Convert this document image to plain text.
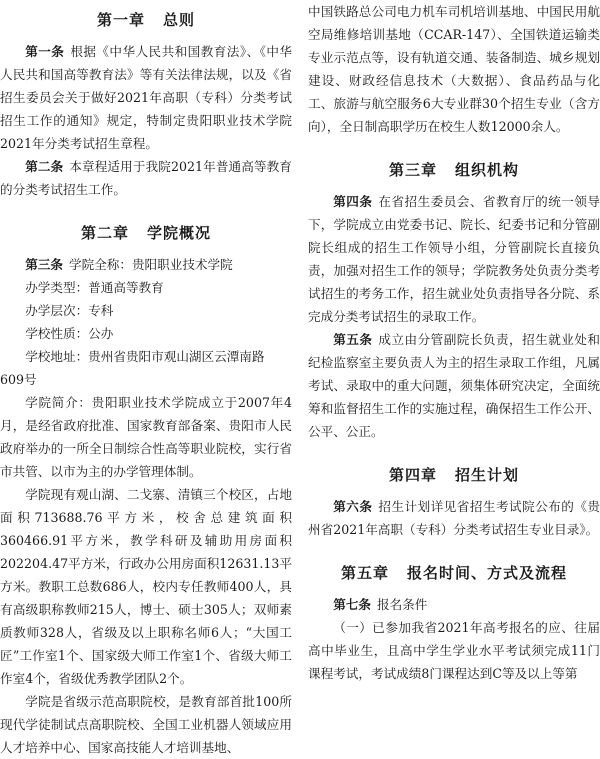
第一章 总则

第一条 根据《中华人民共和国教育法》、《中华人民共和国高等教育法》等有关法律法规，以及《省招生委员会关于做好2021年高职（专科）分类考试招生工作的通知》规定，特制定贵阳职业技术学院2021年分类考试招生章程。

第二条 本章程适用于我院2021年普通高等教育的分类考试招生工作。

第二章 学院概况

第三条 学院全称：贵阳职业技术学院

办学类型：普通高等教育

办学层次：专科

学校性质：公办

学校地址：贵州省贵阳市观山湖区云潭南路

609号

学院简介：贵阳职业技术学院成立于2007年4月，是经省政府批准、国家教育部备案、贵阳市人民政府举办的一所全日制综合性高等职业院校，实行省市共管、以市为主的办学管理体制。

学院现有观山湖、二戈寨、清镇三个校区，占地面积713688.76平方米，校舍总建筑面积360466.91平方米，教学科研及辅助用房面积202204.47平方米，行政办公用房面积12631.13平方米。教职工总数686人，校内专任教师400人，具有高级职称教师215人，博士、硕士305人；双师素质教师328人，省级及以上职称名师6人；“大国工匠”工作室1个、国家级大师工作室1个、省级大师工作室4个，省级优秀教学团队2个。

学院是省级示范高职院校，是教育部首批100所现代学徒制试点高职院校、全国工业机器人领域应用人才培养中心、国家高技能人才培训基地、

中国铁路总公司电力机车司机培训基地、中国民用航空局维修培训基地（CCAR-147）、全国铁道运输类专业示范点等，设有轨道交通、装备制造、城乡规划建设、财政经信息技术（大数据）、食品药品与化工、旅游与航空服务6大专业群30个招生专业（含方向），全日制高职学历在校生人数12000余人。

第三章 组织机构

第四条 在省招生委员会、省教育厅的统一领导下，学院成立由党委书记、院长、纪委书记和分管副院长组成的招生工作领导小组，分管副院长直接负责，加强对招生工作的领导；学院教务处负责分类考试招生的考务工作，招生就业处负责指导各分院、系完成分类考试招生的录取工作。

第五条 成立由分管副院长负责，招生就业处和纪检监察室主要负责人为主的招生录取工作组，凡属考试、录取中的重大问题，须集体研究决定，全面统筹和监督招生工作的实施过程，确保招生工作公开、公平、公正。

第四章 招生计划

第六条 招生计划详见省招生考试院公布的《贵州省2021年高职（专科）分类考试招生专业目录》。

第五章 报名时间、方式及流程

第七条 报名条件

（一）已参加我省2021年高考报名的应、往届高中毕业生，且高中学生学业水平考试须完成11门课程考试，考试成绩8门课程达到C等及以上等第
